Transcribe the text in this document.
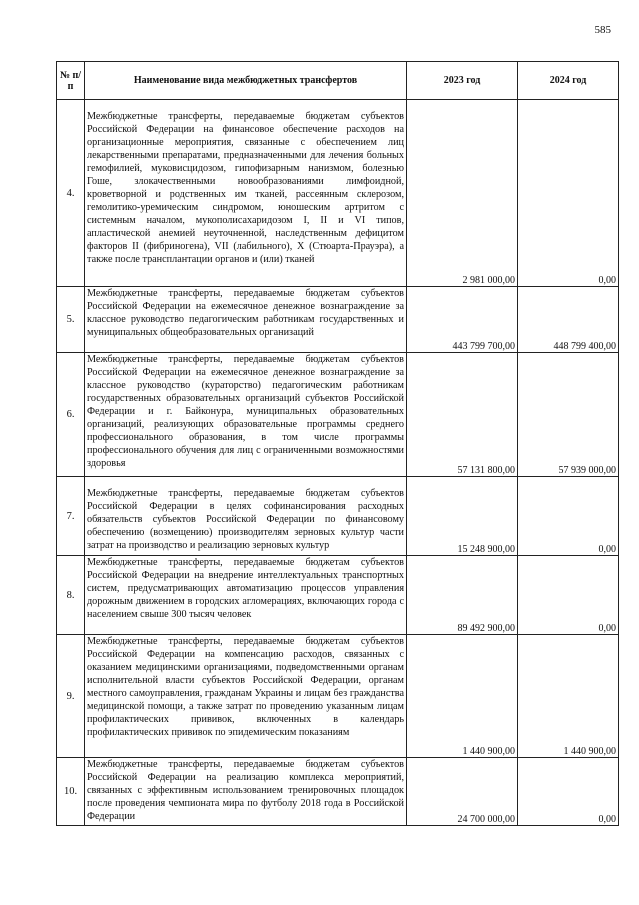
585
№ п/п	Наименование вида межбюджетных трансфертов	2023 год	2024 год
4.	Межбюджетные трансферты, передаваемые бюджетам субъектов Российской Федерации на финансовое обеспечение расходов на организационные мероприятия, связанные с обеспечением лиц лекарственными препаратами, предназначенными для лечения больных гемофилией, муковисцидозом, гипофизарным нанизмом, болезнью Гоше, злокачественными новообразованиями лимфоидной, кроветворной и родственных им тканей, рассеянным склерозом, гемолитико-уремическим синдромом, юношеским артритом с системным началом, мукополисахаридозом I, II и VI типов, апластической анемией неуточненной, наследственным дефицитом факторов II (фибриногена), VII (лабильного), X (Стюарта-Прауэра), а также после трансплантации органов и (или) тканей	2 981 000,00	0,00
5.	Межбюджетные трансферты, передаваемые бюджетам субъектов Российской Федерации на ежемесячное денежное вознаграждение за классное руководство педагогическим работникам государственных и муниципальных общеобразовательных организаций	443 799 700,00	448 799 400,00
6.	Межбюджетные трансферты, передаваемые бюджетам субъектов Российской Федерации на ежемесячное денежное вознаграждение за классное руководство (кураторство) педагогическим работникам государственных образовательных организаций субъектов Российской Федерации и г. Байконура, муниципальных образовательных организаций, реализующих образовательные программы среднего профессионального образования, в том числе программы профессионального обучения для лиц с ограниченными возможностями здоровья	57 131 800,00	57 939 000,00
7.	Межбюджетные трансферты, передаваемые бюджетам субъектов Российской Федерации в целях софинансирования расходных обязательств субъектов Российской Федерации по финансовому обеспечению (возмещению) производителям зерновых культур части затрат на производство и реализацию зерновых культур	15 248 900,00	0,00
8.	Межбюджетные трансферты, передаваемые бюджетам субъектов Российской Федерации на внедрение интеллектуальных транспортных систем, предусматривающих автоматизацию процессов управления дорожным движением в городских агломерациях, включающих города с населением свыше 300 тысяч человек	89 492 900,00	0,00
9.	Межбюджетные трансферты, передаваемые бюджетам субъектов Российской Федерации на компенсацию расходов, связанных с оказанием медицинскими организациями, подведомственными органам исполнительной власти субъектов Российской Федерации, органам местного самоуправления, гражданам Украины и лицам без гражданства медицинской помощи, а также затрат по проведению указанным лицам профилактических прививок, включенных в календарь профилактических прививок по эпидемическим показаниям	1 440 900,00	1 440 900,00
10.	Межбюджетные трансферты, передаваемые бюджетам субъектов Российской Федерации на реализацию комплекса мероприятий, связанных с эффективным использованием тренировочных площадок после проведения чемпионата мира по футболу 2018 года в Российской Федерации	24 700 000,00	0,00
